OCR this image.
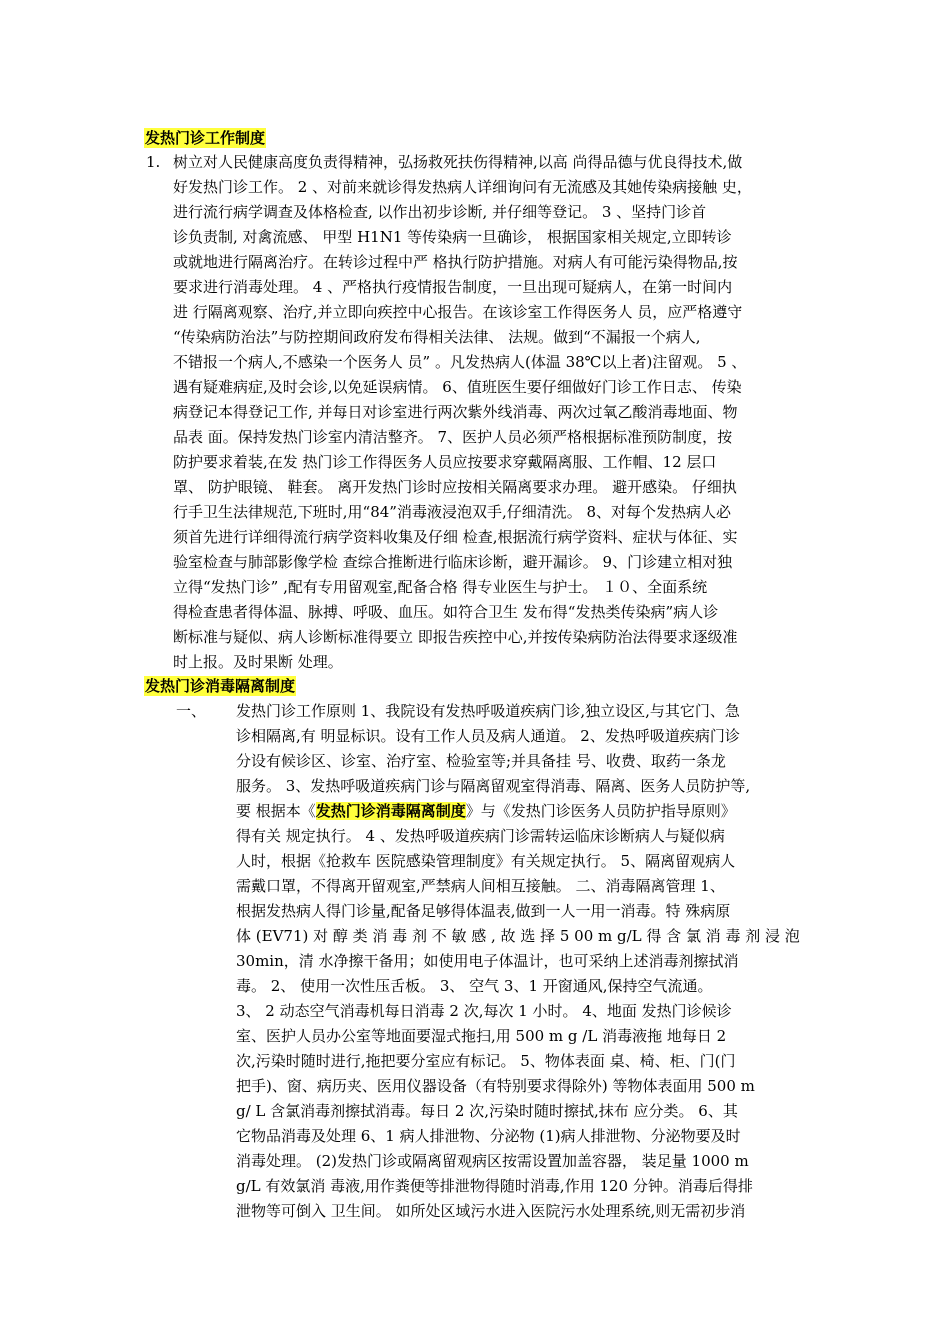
发热门诊工作制度
1. 树立对人民健康高度负责得精神，弘扬救死扶伤得精神,以高 尚得品德与优良得技术,做
好发热门诊工作。 2 、对前来就诊得发热病人详细询问有无流感及其她传染病接触 史，
进行流行病学调查及体格检查, 以作出初步诊断, 并仔细等登记。 3 、坚持门诊首
诊负责制, 对禽流感、 甲型 H1N1 等传染病一旦确诊， 根据国家相关规定,立即转诊
或就地进行隔离治疗。在转诊过程中严 格执行防护措施。对病人有可能污染得物品,按
要求进行消毒处理。 4 、严格执行疫情报告制度，一旦出现可疑病人，在第一时间内
进 行隔离观察、治疗,并立即向疾控中心报告。在该诊室工作得医务人 员，应严格遵守
“传染病防治法”与防控期间政府发布得相关法律、 法规。做到“不漏报一个病人,
不错报一个病人,不感染一个医务人 员” 。凡发热病人(体温 38℃以上者)注留观。 5 、
遇有疑难病症,及时会诊,以免延误病情。 6、值班医生要仔细做好门诊工作日志、 传染
病登记本得登记工作, 并每日对诊室进行两次紫外线消毒、两次过氧乙酸消毒地面、物
品表 面。保持发热门诊室内清洁整齐。 7、医护人员必须严格根据标准预防制度，按
防护要求着装,在发 热门诊工作得医务人员应按要求穿戴隔离服、工作帽、12 层口
罩、 防护眼镜、 鞋套。 离开发热门诊时应按相关隔离要求办理。 避开感染。 仔细执
行手卫生法律规范,下班时,用“84”消毒液浸泡双手,仔细清洗。 8、对每个发热病人必
须首先进行详细得流行病学资料收集及仔细 检查,根据流行病学资料、症状与体征、实
验室检查与肺部影像学检 查综合推断进行临床诊断，避开漏诊。 9、门诊建立相对独
立得“发热门诊” ,配有专用留观室,配备合格 得专业医生与护士。 １０、全面系统
得检查患者得体温、脉搏、呼吸、血压。如符合卫生 发布得“发热类传染病”病人诊
断标准与疑似、病人诊断标准得要立 即报告疾控中心,并按传染病防治法得要求逐级准
时上报。及时果断 处理。
发热门诊消毒隔离制度
一、 发热门诊工作原则 1、我院设有发热呼吸道疾病门诊,独立设区,与其它门、急
诊相隔离,有 明显标识。设有工作人员及病人通道。 2、发热呼吸道疾病门诊
分设有候诊区、诊室、治疗室、检验室等;并具备挂 号、收费、取药一条龙
服务。 3、发热呼吸道疾病门诊与隔离留观室得消毒、隔离、医务人员防护等,
要 根据本《发热门诊消毒隔离制度》与《发热门诊医务人员防护指导原则》
得有关 规定执行。 4 、发热呼吸道疾病门诊需转运临床诊断病人与疑似病
人时，根据《抢救车 医院感染管理制度》有关规定执行。 5、隔离留观病人
需戴口罩，不得离开留观室,严禁病人间相互接触。 二、消毒隔离管理 1、
根据发热病人得门诊量,配备足够得体温表,做到一人一用一消毒。特 殊病原
体 (EV71) 对 醇 类 消 毒 剂 不 敏 感 , 故 选 择 5 00 m g/L 得 含 氯 消 毒 剂 浸 泡
30min，清 水净擦干备用；如使用电子体温计，也可采纳上述消毒剂擦拭消
毒。 2、 使用一次性压舌板。 3、 空气 3、1 开窗通风,保持空气流通。
3、 2 动态空气消毒机每日消毒 2 次,每次 1 小时。 4、地面 发热门诊候诊
室、医护人员办公室等地面要湿式拖扫,用 500 m g /L 消毒液拖 地每日 2
次,污染时随时进行,拖把要分室应有标记。 5、物体表面 桌、椅、柜、门(门
把手)、窗、病历夹、医用仪器设备（有特别要求得除外) 等物体表面用 500 m
g/ L 含氯消毒剂擦拭消毒。每日 2 次,污染时随时擦拭,抹布 应分类。 6、其
它物品消毒及处理 6、1 病人排泄物、分泌物 (1)病人排泄物、分泌物要及时
消毒处理。 (2)发热门诊或隔离留观病区按需设置加盖容器， 装足量 1000 m
g/L 有效氯消 毒液,用作粪便等排泄物得随时消毒,作用 120 分钟。消毒后得排
泄物等可倒入 卫生间。 如所处区域污水进入医院污水处理系统,则无需初步消
